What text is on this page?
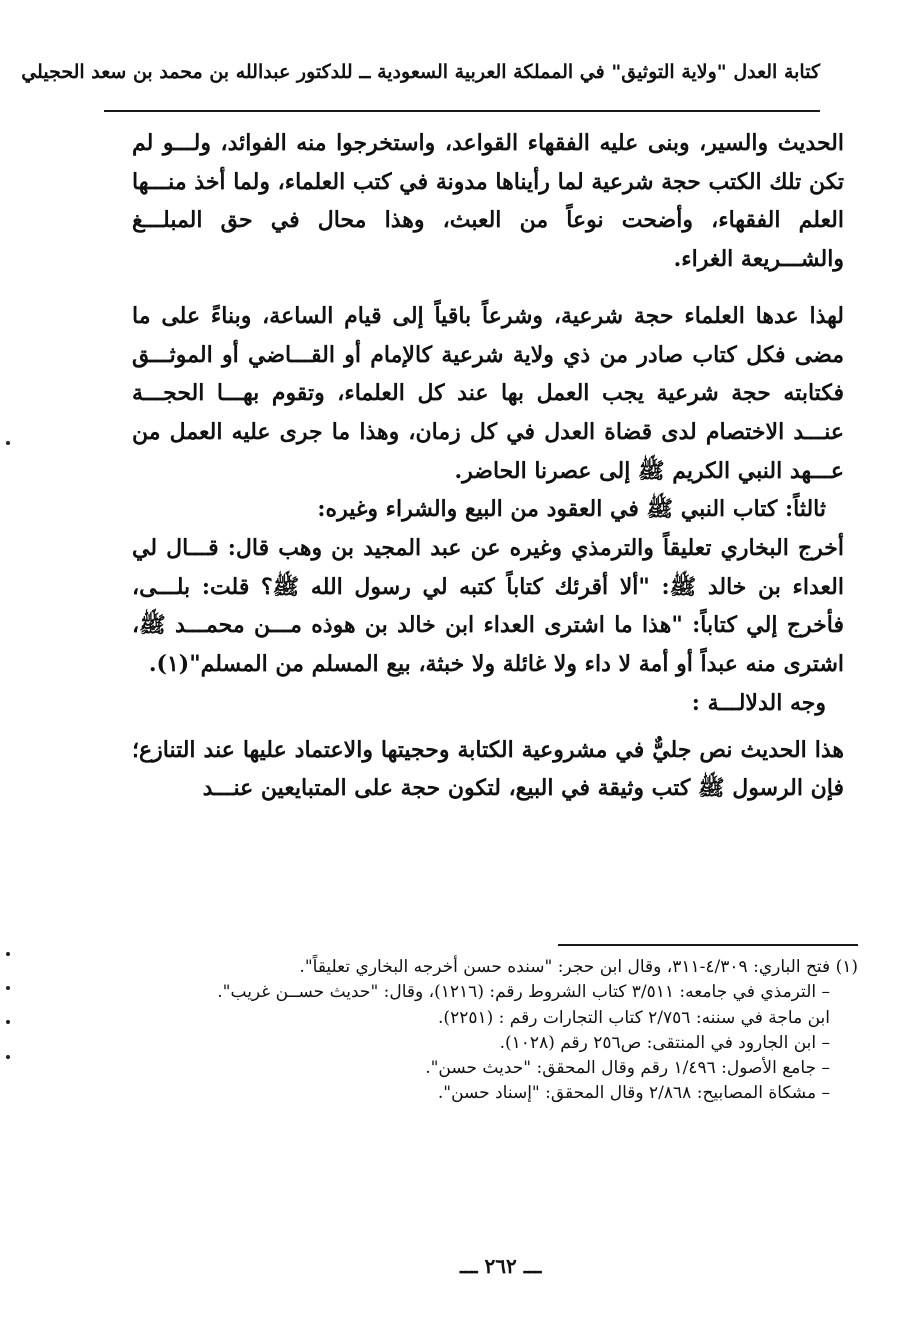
كتابة العدل "ولاية التوثيق" في المملكة العربية السعودية ــ للدكتور عبدالله بن محمد بن سعد الحجيلي

الحديث والسير، وبنى عليه الفقهاء القواعد، واستخرجوا منه الفوائد، ولـــو لم تكن تلك الكتب حجة شرعية لما رأيناها مدونة في كتب العلماء، ولما أخذ منـــها العلم الفقهاء، وأضحت نوعاً من العبث، وهذا محال في حق المبلـــغ والشـــريعة الغراء.

لهذا عدها العلماء حجة شرعية، وشرعاً باقياً إلى قيام الساعة، وبناءً على ما مضى فكل كتاب صادر من ذي ولاية شرعية كالإمام أو القـــاضي أو الموثـــق فكتابته حجة شرعية يجب العمل بها عند كل العلماء، وتقوم بهـــا الحجـــة عنـــد الاختصام لدى قضاة العدل في كل زمان، وهذا ما جرى عليه العمل من عـــهد النبي الكريم ﷺ إلى عصرنا الحاضر.

ثالثاً: كتاب النبي ﷺ في العقود من البيع والشراء وغيره:

أخرج البخاري تعليقاً والترمذي وغيره عن عبد المجيد بن وهب قال: قـــال لي العداء بن خالد ﷺ: "ألا أقرئك كتاباً كتبه لي رسول الله ﷺ؟ قلت: بلـــى، فأخرج إلي كتاباً: "هذا ما اشترى العداء ابن خالد بن هوذه مـــن محمـــد ﷺ، اشترى منه عبداً أو أمة لا داء ولا غائلة ولا خبثة، بيع المسلم من المسلم"(١).

وجه الدلالـــة :

هذا الحديث نص جليٌّ في مشروعية الكتابة وحجيتها والاعتماد عليها عند التنازع؛ فإن الرسول ﷺ كتب وثيقة في البيع، لتكون حجة على المتبايعين عنـــد

(١) فتح الباري: ٤/٣٠٩-٣١١، وقال ابن حجر: "سنده حسن أخرجه البخاري تعليقاً".

– الترمذي في جامعه: ٣/٥١١ كتاب الشروط رقم: (١٢١٦)، وقال: "حديث حســن غريب".

ابن ماجة في سننه: ٢/٧٥٦ كتاب التجارات رقم : (٢٢٥١).

– ابن الجارود في المنتقى: ص٢٥٦ رقم (١٠٢٨).

– جامع الأصول: ١/٤٩٦ رقم وقال المحقق: "حديث حسن".

– مشكاة المصابيح: ٢/٨٦٨ وقال المحقق: "إسناد حسن".

ـــ ٢٦٢ ـــ
